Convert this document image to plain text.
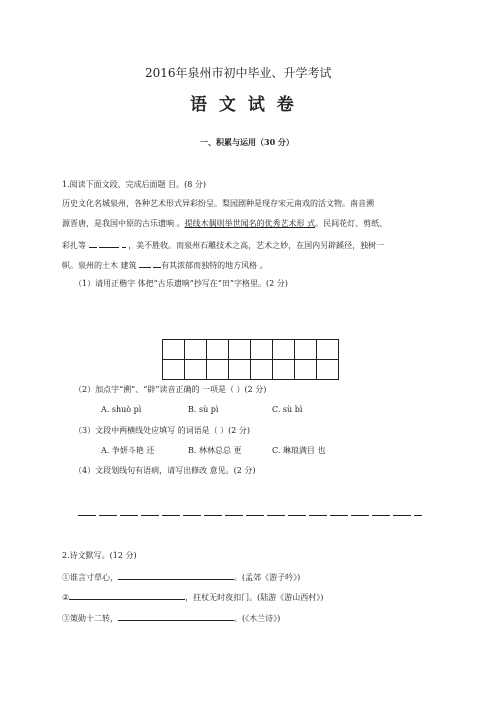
2016年泉州市初中毕业、升学考试
语 文 试 卷
一、积累与运用（30 分）
1.阅读下面文段，完成后面题 目。(8 分)
历史文化名城泉州，各种艺术形式异彩纷呈。梨园剧种是现存宋元南戏的活文物。南音溯
源晋唐，是我国中原的古乐遗响 。提线木偶则举世闻名的优秀艺术形 式。民间花灯、剪纸、
彩扎等	，美不胜收。而泉州石雕技术之高，艺术之妙，在国内另辟蹊径，独树一
帜。泉州的土木 建筑	有其浓郁而独特的地方风格 。
（1）请用正楷字 体把“古乐遗响”抄写在“田”字格里。(2 分)

（2）加点字“溯”、“辟”读音正确的 一项是（ ）(2 分)
A. shuò pì	B. sù pì	C. sù bì
（3）文段中两横线处应填写 的词语是（ ）(2 分)
A. 争妍斗艳 还	B. 林林总总 更	C. 琳琅满目 也
（4）文段划线句有语病，请写出修改 意见。(2 分)
2.诗文默写。(12 分)
①谁言寸草心，	。(孟郊《游子吟》)
②	，拄杖无时夜扣门。(陆游《游山西村》)
③策勋十二转，	。(《木兰诗》)
